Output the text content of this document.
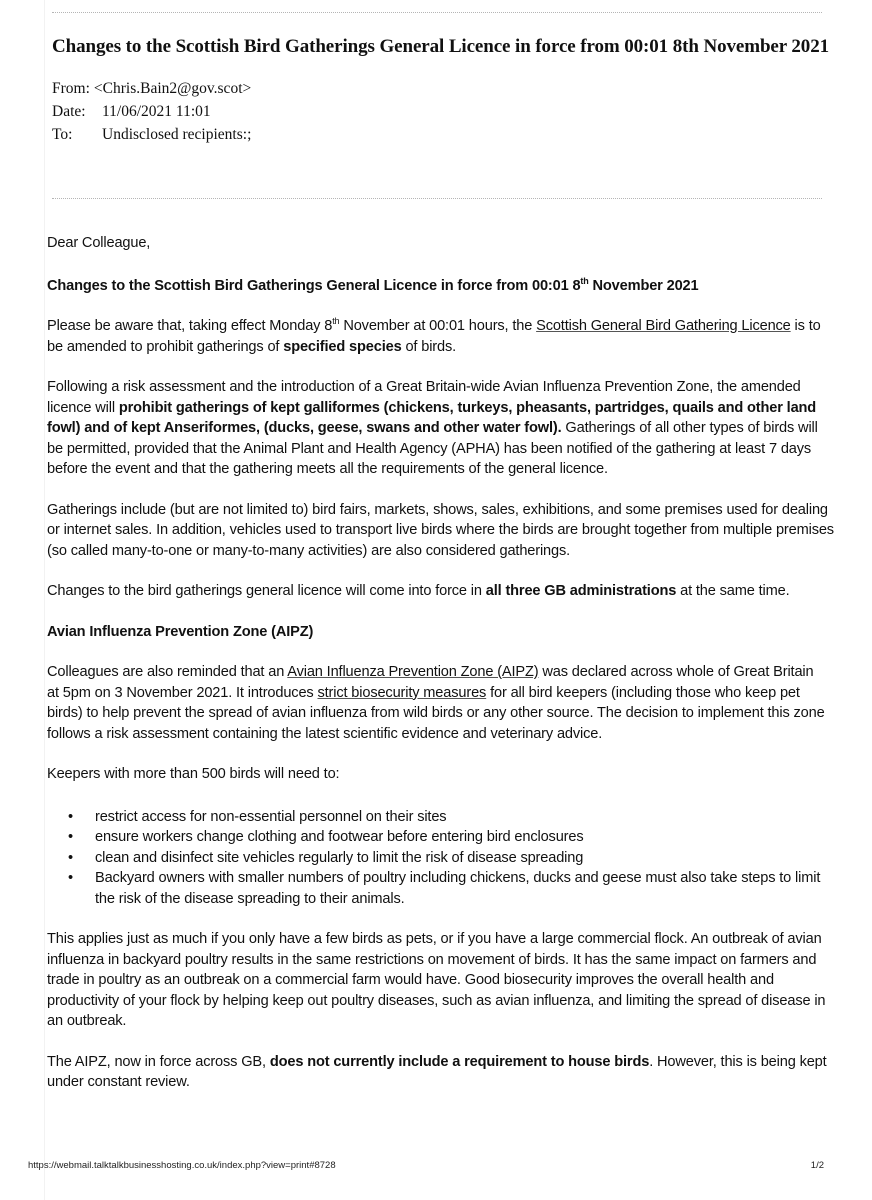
Changes to the Scottish Bird Gatherings General Licence in force from 00:01 8th November 2021
From: <Chris.Bain2@gov.scot>
Date:	11/06/2021 11:01
To:	Undisclosed recipients:;

Dear Colleague,

Changes to the Scottish Bird Gatherings General Licence in force from 00:01 8th November 2021

Please be aware that, taking effect Monday 8th November at 00:01 hours, the Scottish General Bird Gathering Licence is to be amended to prohibit gatherings of specified species of birds.

Following a risk assessment and the introduction of a Great Britain-wide Avian Influenza Prevention Zone, the amended licence will prohibit gatherings of kept galliformes (chickens, turkeys, pheasants, partridges, quails and other land fowl) and of kept Anseriformes, (ducks, geese, swans and other water fowl). Gatherings of all other types of birds will be permitted, provided that the Animal Plant and Health Agency (APHA) has been notified of the gathering at least 7 days before the event and that the gathering meets all the requirements of the general licence.

Gatherings include (but are not limited to) bird fairs, markets, shows, sales, exhibitions, and some premises used for dealing or internet sales. In addition, vehicles used to transport live birds where the birds are brought together from multiple premises (so called many-to-one or many-to-many activities) are also considered gatherings.

Changes to the bird gatherings general licence will come into force in all three GB administrations at the same time.

Avian Influenza Prevention Zone (AIPZ)

Colleagues are also reminded that an Avian Influenza Prevention Zone (AIPZ) was declared across whole of Great Britain
at 5pm on 3 November 2021. It introduces strict biosecurity measures for all bird keepers (including those who keep pet birds) to help prevent the spread of avian influenza from wild birds or any other source. The decision to implement this zone follows a risk assessment containing the latest scientific evidence and veterinary advice.

Keepers with more than 500 birds will need to:

• restrict access for non-essential personnel on their sites
• ensure workers change clothing and footwear before entering bird enclosures
• clean and disinfect site vehicles regularly to limit the risk of disease spreading
• Backyard owners with smaller numbers of poultry including chickens, ducks and geese must also take steps to limit the risk of the disease spreading to their animals.

This applies just as much if you only have a few birds as pets, or if you have a large commercial flock. An outbreak of avian influenza in backyard poultry results in the same restrictions on movement of birds. It has the same impact on farmers and trade in poultry as an outbreak on a commercial farm would have. Good biosecurity improves the overall health and productivity of your flock by helping keep out poultry diseases, such as avian influenza, and limiting the spread of disease in an outbreak.

The AIPZ, now in force across GB, does not currently include a requirement to house birds. However, this is being kept under constant review.

https://webmail.talktalkbusinesshosting.co.uk/index.php?view=print#8728	1/2
